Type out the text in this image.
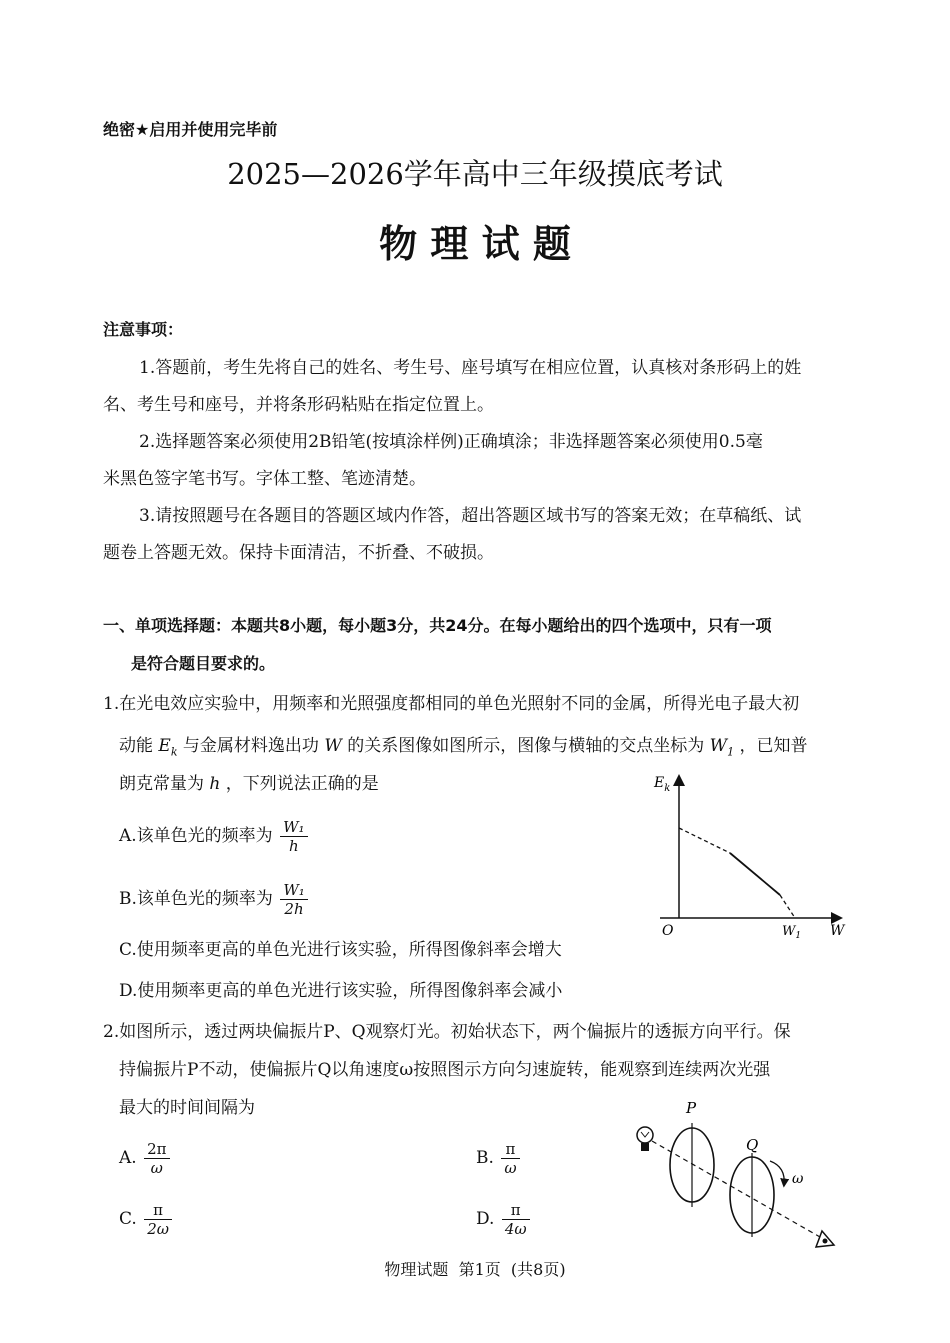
绝密★启用并使用完毕前
2025—2026学年高中三年级摸底考试
物 理 试 题
注意事项：
1.答题前，考生先将自己的姓名、考生号、座号填写在相应位置，认真核对条形码上的姓
名、考生号和座号，并将条形码粘贴在指定位置上。
2.选择题答案必须使用2B铅笔(按填涂样例)正确填涂；非选择题答案必须使用0.5毫
米黑色签字笔书写。字体工整、笔迹清楚。
3.请按照题号在各题目的答题区域内作答，超出答题区域书写的答案无效；在草稿纸、试
题卷上答题无效。保持卡面清洁，不折叠、不破损。
一、单项选择题：本题共8小题，每小题3分，共24分。在每小题给出的四个选项中，只有一项
是符合题目要求的。
1.在光电效应实验中，用频率和光照强度都相同的单色光照射不同的金属，所得光电子最大初
动能 $E_k$ 与金属材料逸出功 W 的关系图像如图所示，图像与横轴的交点坐标为 $W_1$ ，已知普
朗克常量为 h ，下列说法正确的是
A.该单色光的频率为 $\frac{\text{W₁}}{h}$
B.该单色光的频率为 $\frac{\text{W₁}}{2h}$
C.使用频率更高的单色光进行该实验，所得图像斜率会增大
D.使用频率更高的单色光进行该实验，所得图像斜率会减小
$E_k$
W
O	$W_1$
2.如图所示，透过两块偏振片P、Q观察灯光。初始状态下，两个偏振片的透振方向平行。保
持偏振片P不动，使偏振片Q以角速度ω按照图示方向匀速旋转，能观察到连续两次光强
最大的时间间隔为
A. $\frac{2\pi}{\omega}$	B. $\frac{\pi}{\omega}$
C. $\frac{\pi}{2\omega}$	D. $\frac{\pi}{4\omega}$
P
Q
ω
物理试题  第1页  (共8页)
